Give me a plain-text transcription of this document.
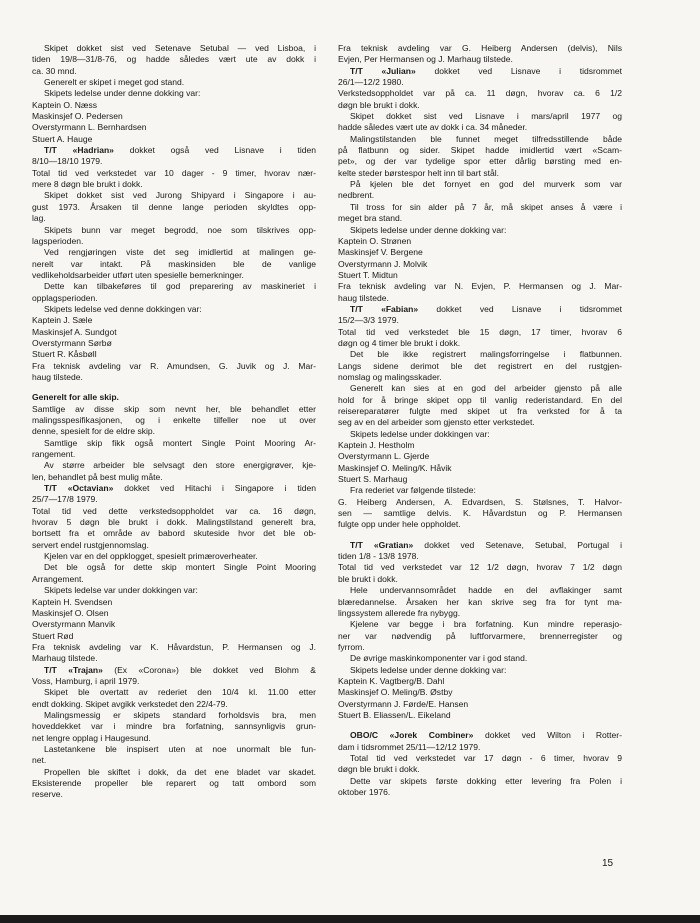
Skipet dokket sist ved Setenave Setubal — ved Lisboa, i
tiden 19/8—31/8-76, og hadde således vært ute av dokk i
ca. 30 mnd.
Generelt er skipet i meget god stand.
Skipets ledelse under denne dokking var:
Kaptein O. Næss
Maskinsjef O. Pedersen
Overstyrmann L. Bernhardsen
Stuert A. Hauge
T/T «Hadrian» dokket også ved Lisnave i tiden
8/10—18/10 1979.
Total tid ved verkstedet var 10 dager - 9 timer, hvorav nær-
mere 8 døgn ble brukt i dokk.
Skipet dokket sist ved Jurong Shipyard i Singapore i au-
gust 1973. Årsaken til denne lange perioden skyldtes opp-
lag.
Skipets bunn var meget begrodd, noe som tilskrives opp-
lagsperioden.
Ved rengjøringen viste det seg imidlertid at malingen ge-
nerelt var intakt. På maskinsiden ble de vanlige
vedlikeholdsarbeider utført uten spesielle bemerkninger.
Dette kan tilbakeføres til god preparering av maskineriet i
opplagsperioden.
Skipets ledelse ved denne dokkingen var:
Kaptein J. Sæle
Maskinsjef A. Sundgot
Overstyrmann Sørbø
Stuert R. Kåsbøll
Fra teknisk avdeling var R. Amundsen, G. Juvik og J. Mar-
haug tilstede.
Generelt for alle skip.
Samtlige av disse skip som nevnt her, ble behandlet etter
malingsspesifikasjonen, og i enkelte tilfeller noe ut over
denne, spesielt for de eldre skip.
Samtlige skip fikk også montert Single Point Mooring Ar-
rangement.
Av større arbeider ble selvsagt den store energigrøver, kje-
len, behandlet på best mulig måte.
T/T «Octavian» dokket ved Hitachi i Singapore i tiden
25/7—17/8 1979.
Total tid ved dette verkstedsoppholdet var ca. 16 døgn,
hvorav 5 døgn ble brukt i dokk. Malingstilstand generelt bra,
bortsett fra et område av babord skuteside hvor det ble ob-
servert endel rustgjennomslag.
Kjelen var en del oppklogget, spesielt primæroverheater.
Det ble også for dette skip montert Single Point Mooring
Arrangement.
Skipets ledelse var under dokkingen var:
Kaptein H. Svendsen
Maskinsjef O. Olsen
Overstyrmann Manvik
Stuert Rød
Fra teknisk avdeling var K. Håvardstun, P. Hermansen og J.
Marhaug tilstede.
T/T «Trajan» (Ex «Corona») ble dokket ved Blohm &
Voss, Hamburg, i april 1979.
Skipet ble overtatt av rederiet den 10/4 kl. 11.00 etter
endt dokking. Skipet avgikk verkstedet den 22/4-79.
Malingsmessig er skipets standard forholdsvis bra, men
hoveddekket var i mindre bra forfatning, sannsynligvis grun-
net lengre opplag i Haugesund.
Lastetankene ble inspisert uten at noe unormalt ble fun-
net.
Propellen ble skiftet i dokk, da det ene bladet var skadet.
Eksisterende propeller ble reparert og tatt ombord som
reserve.
Fra teknisk avdeling var G. Heiberg Andersen (delvis), Nils
Evjen, Per Hermansen og J. Marhaug tilstede.
T/T «Julian» dokket ved Lisnave i tidsrommet
26/1—12/2 1980.
Verkstedsoppholdet var på ca. 11 døgn, hvorav ca. 6 1/2
døgn ble brukt i dokk.
Skipet dokket sist ved Lisnave i mars/april 1977 og
hadde således vært ute av dokk i ca. 34 måneder.
Malingstilstanden ble funnet meget tilfredsstillende både
på flatbunn og sider. Skipet hadde imidlertid vært «Scam-
pet», og der var tydelige spor etter dårlig børsting med en-
kelte steder børstespor helt inn til bart stål.
På kjelen ble det fornyet en god del murverk som var
nedbrent.
Til tross for sin alder på 7 år, må skipet anses å være i
meget bra stand.
Skipets ledelse under denne dokking var:
Kaptein O. Strønen
Maskinsjef V. Bergene
Overstyrmann J. Molvik
Stuert T. Midtun
Fra teknisk avdeling var N. Evjen, P. Hermansen og J. Mar-
haug tilstede.
T/T «Fabian» dokket ved Lisnave i tidsrommet
15/2—3/3 1979.
Total tid ved verkstedet ble 15 døgn, 17 timer, hvorav 6
døgn og 4 timer ble brukt i dokk.
Det ble ikke registrert malingsforringelse i flatbunnen.
Langs sidene derimot ble det registrert en del rustgjen-
nomslag og malingsskader.
Generelt kan sies at en god del arbeider gjensto på alle
hold for å bringe skipet opp til vanlig rederistandard. En del
reisereparatører fulgte med skipet ut fra verksted for å ta
seg av en del arbeider som gjensto etter verkstedet.
Skipets ledelse under dokkingen var:
Kaptein J. Hestholm
Overstyrmann L. Gjerde
Maskinsjef O. Meling/K. Håvik
Stuert S. Marhaug
Fra rederiet var følgende tilstede:
G. Heiberg Andersen, A. Edvardsen, S. Stølsnes, T. Halvor-
sen — samtlige delvis. K. Håvardstun og P. Hermansen
fulgte opp under hele oppholdet.
T/T «Gratian» dokket ved Setenave, Setubal, Portugal i
tiden 1/8 - 13/8 1978.
Total tid ved verkstedet var 12 1/2 døgn, hvorav 7 1/2 døgn
ble brukt i dokk.
Hele undervannsområdet hadde en del avflakinger samt
blæredannelse. Årsaken her kan skrive seg fra for tynt ma-
lingssystem allerede fra nybygg.
Kjelene var begge i bra forfatning. Kun mindre reperasjo-
ner var nødvendig på luftforvarmere, brennerregister og
fyrrom.
De øvrige maskinkomponenter var i god stand.
Skipets ledelse under denne dokking var:
Kaptein K. Vagtberg/B. Dahl
Maskinsjef O. Meling/B. Østby
Overstyrmann J. Førde/E. Hansen
Stuert B. Eliassen/L. Eikeland
OBO/C «Jorek Combiner» dokket ved Wilton i Rotter-
dam i tidsrommet 25/11—12/12 1979.
Total tid ved verkstedet var 17 døgn - 6 timer, hvorav 9
døgn ble brukt i dokk.
Dette var skipets første dokking etter levering fra Polen i
oktober 1976.
15
